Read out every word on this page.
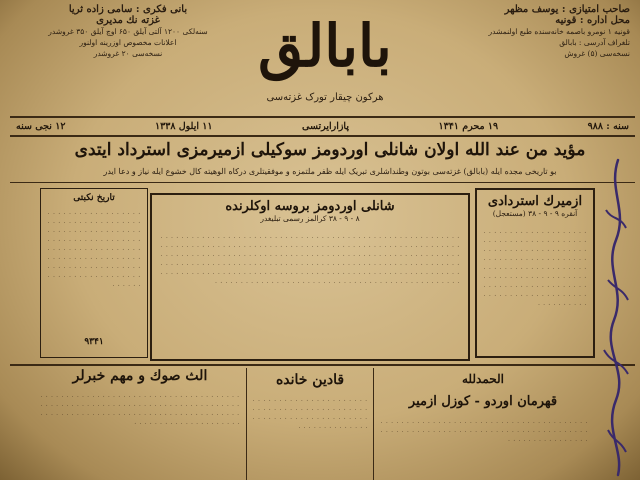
بانی فکری : سامی زاده ثریا
غزته نك مدیری
سنه‌لکی ۱۲۰۰ آلتی آیلق ۶۵۰ اوچ آیلق ۳۵۰ غروشدر
اعلانات مخصوص اوزرینه اولنور
نسخه‌سی ۲۰ غروشدر	بابالق
هرکون چیقار تورک غزته‌سی
صاحب امتیازی : یوسف مظهر
محل اداره : قونیه
قونیه ۱ نومرو باصمه خانه‌سنده طبع اولنمشدر
تلغراف آدرسی : بابالق
نسخه‌سی (۵) غروش
سنه : ۹۸۸
۱۹ محرم ۱۳۴۱
پازارایرتسی
۱۱ ایلول ۱۳۳۸
۱۲ نجی سنه
مؤید من عند الله اولان شانلی اوردومز سوکیلی ازمیرمزی استرداد ایتدی
بو تاریخی مجده ایله (بابالق) غزته‌سی بوتون وطنداشلری تبریک ایله ظفر ملتمزه و موفقیتلری درکاه الوهیته کال خشوع ایله نیاز و دعا ایدر
تاریخ نکبتی
۰ ۰ ۰ ۰ ۰ ۰ ۰ ۰ ۰ ۰ ۰ ۰ ۰ ۰ ۰ ۰ ۰ ۰ ۰ ۰ ۰ ۰ ۰ ۰ ۰ ۰ ۰ ۰ ۰ ۰ ۰ ۰ ۰ ۰ ۰ ۰ ۰ ۰ ۰ ۰ ۰ ۰ ۰ ۰ ۰ ۰ ۰ ۰ ۰ ۰ ۰ ۰ ۰ ۰ ۰ ۰ ۰ ۰ ۰ ۰ ۰ ۰ ۰ ۰ ۰ ۰ ۰ ۰ ۰ ۰ ۰ ۰ ۰ ۰ ۰ ۰ ۰ ۰ ۰ ۰ ۰ ۰ ۰ ۰ ۰ ۰ ۰ ۰ ۰ ۰ ۰ ۰ ۰ ۰ ۰ ۰ ۰ ۰ ۰ ۰ ۰ ۰ ۰ ۰ ۰ ۰ ۰ ۰ ۰ ۰ ۰ ۰ ۰ ۰ ۰ ۰ ۰ ۰ ۰ ۰ ۰ ۰ ۰ ۰ ۰ ۰ ۰ ۰ ۰ ۰ ۰ ۰ ۰ ۰ ۰ ۰ ۰ ۰ ۰ ۰ ۰ ۰ ۰ ۰ ۰ ۰ ۰ ۰ ۰ ۰
۹۳۴۱
شانلی اوردومز بروسه اوکلرنده
۸ - ۹ - ۳۸ کرالمز رسمی تبلیغدر
۰ ۰ ۰ ۰ ۰ ۰ ۰ ۰ ۰ ۰ ۰ ۰ ۰ ۰ ۰ ۰ ۰ ۰ ۰ ۰ ۰ ۰ ۰ ۰ ۰ ۰ ۰ ۰ ۰ ۰ ۰ ۰ ۰ ۰ ۰ ۰ ۰ ۰ ۰ ۰ ۰ ۰ ۰ ۰ ۰ ۰ ۰ ۰ ۰ ۰ ۰ ۰ ۰ ۰ ۰ ۰ ۰ ۰ ۰ ۰ ۰ ۰ ۰ ۰ ۰ ۰ ۰ ۰ ۰ ۰ ۰ ۰ ۰ ۰ ۰ ۰ ۰ ۰ ۰ ۰ ۰ ۰ ۰ ۰ ۰ ۰ ۰ ۰ ۰ ۰ ۰ ۰ ۰ ۰ ۰ ۰ ۰ ۰ ۰ ۰ ۰ ۰ ۰ ۰ ۰ ۰ ۰ ۰ ۰ ۰ ۰ ۰ ۰ ۰ ۰ ۰ ۰ ۰ ۰ ۰ ۰ ۰ ۰ ۰ ۰ ۰ ۰ ۰ ۰ ۰ ۰ ۰ ۰ ۰ ۰ ۰ ۰ ۰ ۰ ۰ ۰ ۰ ۰ ۰ ۰ ۰ ۰ ۰ ۰ ۰ ۰ ۰ ۰ ۰ ۰ ۰ ۰ ۰ ۰ ۰ ۰ ۰ ۰ ۰ ۰ ۰ ۰ ۰ ۰ ۰ ۰ ۰ ۰ ۰ ۰ ۰ ۰ ۰ ۰ ۰ ۰ ۰ ۰ ۰ ۰ ۰ ۰ ۰ ۰ ۰ ۰ ۰ ۰ ۰ ۰ ۰ ۰ ۰ ۰ ۰ ۰ ۰ ۰ ۰ ۰ ۰ ۰ ۰ ۰ ۰ ۰ ۰ ۰ ۰ ۰ ۰ ۰ ۰ ۰ ۰ ۰ ۰ ۰ ۰ ۰ ۰ ۰ ۰ ۰ ۰ ۰ ۰ ۰ ۰ ۰ ۰ ۰ ۰ ۰ ۰ ۰ ۰ ۰ ۰ ۰ ۰ ۰ ۰ ۰ ۰ ۰ ۰ ۰ ۰ ۰ ۰ ۰ ۰ ۰ ۰ ۰ ۰ ۰ ۰ ۰ ۰ ۰ ۰ ۰ ۰ ۰ ۰ ۰ ۰ ۰ ۰ ۰ ۰ ۰ ۰ ۰ ۰ ۰ ۰ ۰ ۰ ۰ ۰ ۰ ۰ ۰ ۰ ۰ ۰ ۰ ۰ ۰ ۰ ۰ ۰ ۰ ۰ ۰ ۰ ۰ ۰ ۰ ۰ ۰ ۰ ۰ ۰ ۰ ۰ ۰ ۰ ۰ ۰ ۰ ۰ ۰ ۰ ۰ ۰ ۰ ۰ ۰ ۰ ۰ ۰ ۰ ۰ ۰ ۰ ۰ ۰ ۰ ۰
ازمیرك استردادی
آنقره ۹ - ۹ - ۳۸ (مستعجل)
۰ ۰ ۰ ۰ ۰ ۰ ۰ ۰ ۰ ۰ ۰ ۰ ۰ ۰ ۰ ۰ ۰ ۰ ۰ ۰ ۰ ۰ ۰ ۰ ۰ ۰ ۰ ۰ ۰ ۰ ۰ ۰ ۰ ۰ ۰ ۰ ۰ ۰ ۰ ۰ ۰ ۰ ۰ ۰ ۰ ۰ ۰ ۰ ۰ ۰ ۰ ۰ ۰ ۰ ۰ ۰ ۰ ۰ ۰ ۰ ۰ ۰ ۰ ۰ ۰ ۰ ۰ ۰ ۰ ۰ ۰ ۰ ۰ ۰ ۰ ۰ ۰ ۰ ۰ ۰ ۰ ۰ ۰ ۰ ۰ ۰ ۰ ۰ ۰ ۰ ۰ ۰ ۰ ۰ ۰ ۰ ۰ ۰ ۰ ۰ ۰ ۰ ۰ ۰ ۰ ۰ ۰ ۰ ۰ ۰ ۰ ۰ ۰ ۰ ۰ ۰ ۰ ۰ ۰ ۰ ۰ ۰ ۰ ۰ ۰ ۰ ۰ ۰ ۰ ۰ ۰ ۰ ۰ ۰ ۰ ۰ ۰ ۰ ۰ ۰ ۰ ۰ ۰ ۰ ۰ ۰ ۰ ۰ ۰ ۰ ۰ ۰ ۰ ۰ ۰ ۰ ۰ ۰ ۰ ۰ ۰ ۰ ۰ ۰ ۰ ۰ ۰ ۰ ۰ ۰
الث صوك و مهم خبرلر
۰ ۰ ۰ ۰ ۰ ۰ ۰ ۰ ۰ ۰ ۰ ۰ ۰ ۰ ۰ ۰ ۰ ۰ ۰ ۰ ۰ ۰ ۰ ۰ ۰ ۰ ۰ ۰ ۰ ۰ ۰ ۰ ۰ ۰ ۰ ۰ ۰ ۰ ۰ ۰ ۰ ۰ ۰ ۰ ۰ ۰ ۰ ۰ ۰ ۰ ۰ ۰ ۰ ۰ ۰ ۰ ۰ ۰ ۰ ۰ ۰ ۰ ۰ ۰ ۰ ۰ ۰ ۰ ۰ ۰ ۰ ۰ ۰ ۰ ۰ ۰ ۰ ۰ ۰ ۰ ۰ ۰ ۰ ۰ ۰ ۰ ۰ ۰ ۰ ۰ ۰ ۰ ۰ ۰ ۰ ۰ ۰ ۰ ۰ ۰ ۰ ۰ ۰ ۰ ۰ ۰ ۰ ۰ ۰ ۰ ۰ ۰ ۰ ۰ ۰ ۰ ۰ ۰ ۰ ۰ ۰ ۰ ۰ ۰ ۰ ۰ ۰ ۰ ۰ ۰ ۰ ۰ ۰ ۰ ۰ ۰ ۰ ۰
قادین خانده
۰ ۰ ۰ ۰ ۰ ۰ ۰ ۰ ۰ ۰ ۰ ۰ ۰ ۰ ۰ ۰ ۰ ۰ ۰ ۰ ۰ ۰ ۰ ۰ ۰ ۰ ۰ ۰ ۰ ۰ ۰ ۰ ۰ ۰ ۰ ۰ ۰ ۰ ۰ ۰ ۰ ۰ ۰ ۰ ۰ ۰ ۰ ۰ ۰ ۰ ۰ ۰ ۰ ۰ ۰ ۰ ۰ ۰ ۰ ۰ ۰ ۰ ۰ ۰ ۰ ۰ ۰ ۰ ۰ ۰ ۰ ۰ ۰ ۰ ۰ ۰ ۰ ۰ ۰ ۰
الحمدلله
قهرمان اوردو - کوزل ازمیر
۰ ۰ ۰ ۰ ۰ ۰ ۰ ۰ ۰ ۰ ۰ ۰ ۰ ۰ ۰ ۰ ۰ ۰ ۰ ۰ ۰ ۰ ۰ ۰ ۰ ۰ ۰ ۰ ۰ ۰ ۰ ۰ ۰ ۰ ۰ ۰ ۰ ۰ ۰ ۰ ۰ ۰ ۰ ۰ ۰ ۰ ۰ ۰ ۰ ۰ ۰ ۰ ۰ ۰ ۰ ۰ ۰ ۰ ۰ ۰ ۰ ۰ ۰ ۰ ۰ ۰ ۰ ۰ ۰ ۰ ۰ ۰ ۰ ۰ ۰ ۰ ۰ ۰ ۰ ۰ ۰ ۰ ۰ ۰ ۰ ۰ ۰ ۰ ۰ ۰ ۰ ۰ ۰ ۰ ۰ ۰
